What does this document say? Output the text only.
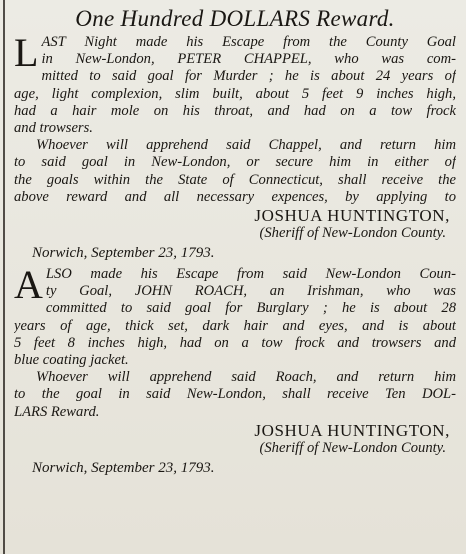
One Hundred DOLLARS Reward.
L AST Night made his Escape from the County Goal
in New-London, PETER CHAPPEL, who was com-
mitted to said goal for Murder ; he is about 24 years of
age, light complexion, slim built, about 5 feet 9 inches high,
had a hair mole on his throat, and had on a tow frock
and trowsers.
Whoever will apprehend said Chappel, and return him
to said goal in New-London, or secure him in either of
the goals within the State of Connecticut, shall receive the
above reward and all necessary expences, by applying to
JOSHUA HUNTINGTON,
(Sheriff of New-London County.
Norwich, September 23, 1793.
A LSO made his Escape from said New-London Coun-
ty Goal, JOHN ROACH, an Irishman, who was
committed to said goal for Burglary ; he is about 28
years of age, thick set, dark hair and eyes, and is about
5 feet 8 inches high, had on a tow frock and trowsers and
blue coating jacket.
Whoever will apprehend said Roach, and return him
to the goal in said New-London, shall receive Ten DOL-
LARS Reward.
JOSHUA HUNTINGTON,
(Sheriff of New-London County.
Norwich, September 23, 1793.
